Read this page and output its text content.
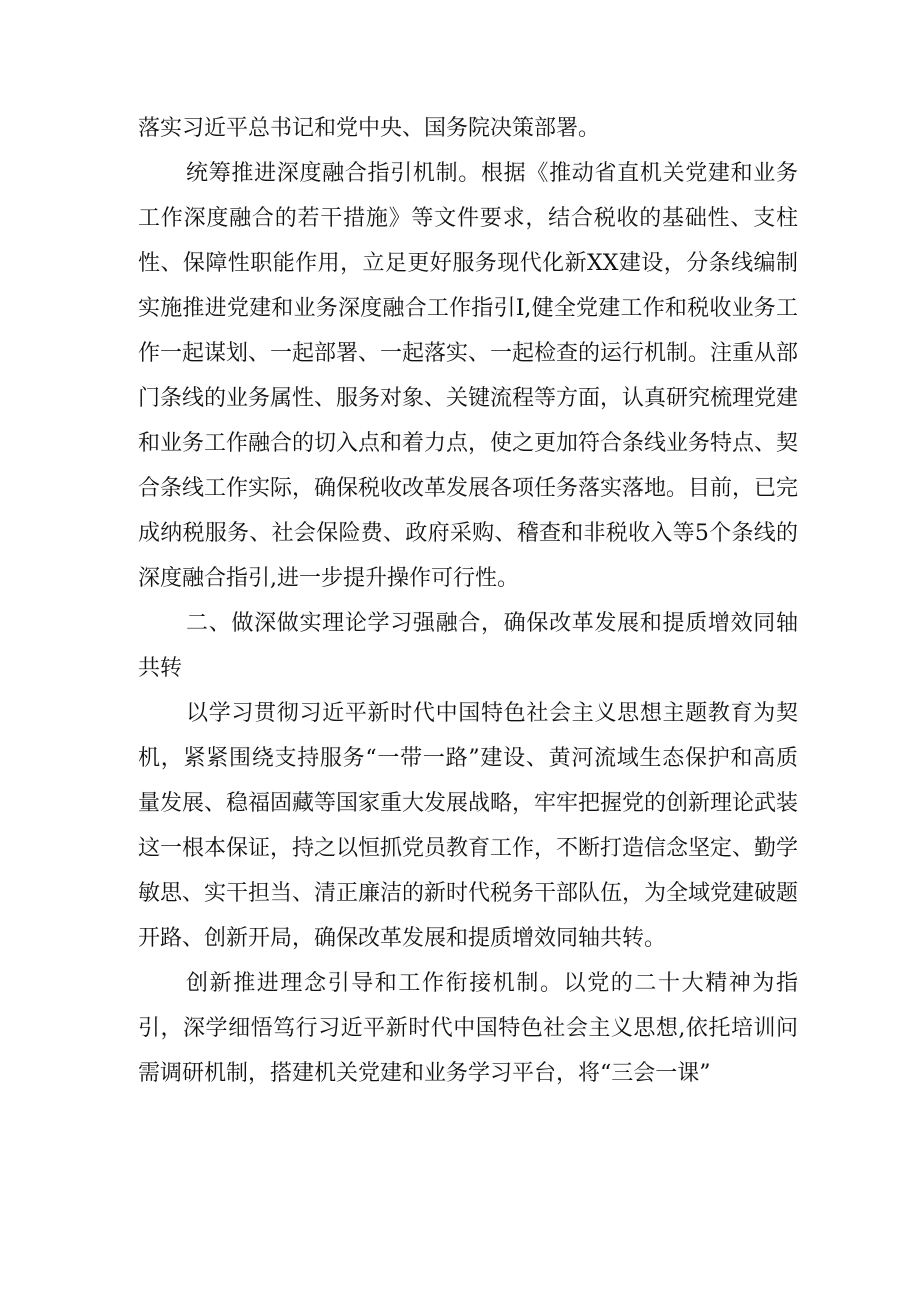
落实习近平总书记和党中央、国务院决策部署。

统筹推进深度融合指引机制。根据《推动省直机关党建和业务工作深度融合的若干措施》等文件要求，结合税收的基础性、支柱性、保障性职能作用，立足更好服务现代化新XX建设，分条线编制实施推进党建和业务深度融合工作指引I,健全党建工作和税收业务工作一起谋划、一起部署、一起落实、一起检查的运行机制。注重从部门条线的业务属性、服务对象、关键流程等方面，认真研究梳理党建和业务工作融合的切入点和着力点，使之更加符合条线业务特点、契合条线工作实际，确保税收改革发展各项任务落实落地。目前，已完成纳税服务、社会保险费、政府采购、稽查和非税收入等5个条线的深度融合指引,进一步提升操作可行性。

二、做深做实理论学习强融合，确保改革发展和提质增效同轴共转

以学习贯彻习近平新时代中国特色社会主义思想主题教育为契机，紧紧围绕支持服务“一带一路”建设、黄河流域生态保护和高质量发展、稳福固藏等国家重大发展战略，牢牢把握党的创新理论武装这一根本保证，持之以恒抓党员教育工作，不断打造信念坚定、勤学敏思、实干担当、清正廉洁的新时代税务干部队伍，为全域党建破题开路、创新开局，确保改革发展和提质增效同轴共转。

创新推进理念引导和工作衔接机制。以党的二十大精神为指引，深学细悟笃行习近平新时代中国特色社会主义思想,依托培训问需调研机制，搭建机关党建和业务学习平台，将“三会一课”
